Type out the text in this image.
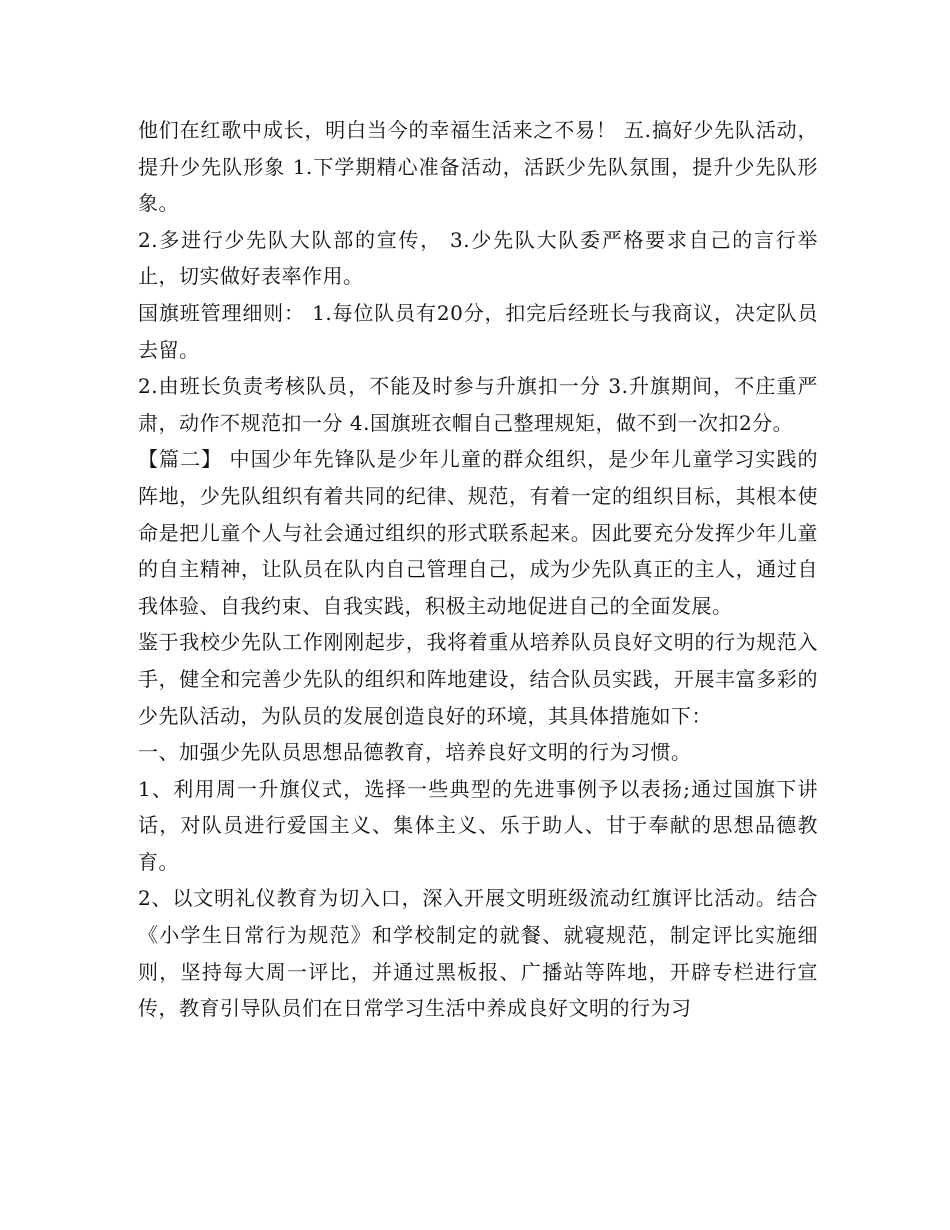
他们在红歌中成长，明白当今的幸福生活来之不易！ 五.搞好少先队活动，提升少先队形象 1.下学期精心准备活动，活跃少先队氛围，提升少先队形象。

2.多进行少先队大队部的宣传， 3.少先队大队委严格要求自己的言行举止，切实做好表率作用。

国旗班管理细则： 1.每位队员有20分，扣完后经班长与我商议，决定队员去留。

2.由班长负责考核队员，不能及时参与升旗扣一分 3.升旗期间，不庄重严肃，动作不规范扣一分 4.国旗班衣帽自己整理规矩，做不到一次扣2分。

【篇二】 中国少年先锋队是少年儿童的群众组织，是少年儿童学习实践的阵地，少先队组织有着共同的纪律、规范，有着一定的组织目标，其根本使命是把儿童个人与社会通过组织的形式联系起来。因此要充分发挥少年儿童的自主精神，让队员在队内自己管理自己，成为少先队真正的主人，通过自我体验、自我约束、自我实践，积极主动地促进自己的全面发展。

鉴于我校少先队工作刚刚起步，我将着重从培养队员良好文明的行为规范入手，健全和完善少先队的组织和阵地建设，结合队员实践，开展丰富多彩的少先队活动，为队员的发展创造良好的环境，其具体措施如下：

一、加强少先队员思想品德教育，培养良好文明的行为习惯。

1、利用周一升旗仪式，选择一些典型的先进事例予以表扬;通过国旗下讲话，对队员进行爱国主义、集体主义、乐于助人、甘于奉献的思想品德教育。

2、以文明礼仪教育为切入口，深入开展文明班级流动红旗评比活动。结合《小学生日常行为规范》和学校制定的就餐、就寝规范，制定评比实施细则，坚持每大周一评比，并通过黑板报、广播站等阵地，开辟专栏进行宣传，教育引导队员们在日常学习生活中养成良好文明的行为习
